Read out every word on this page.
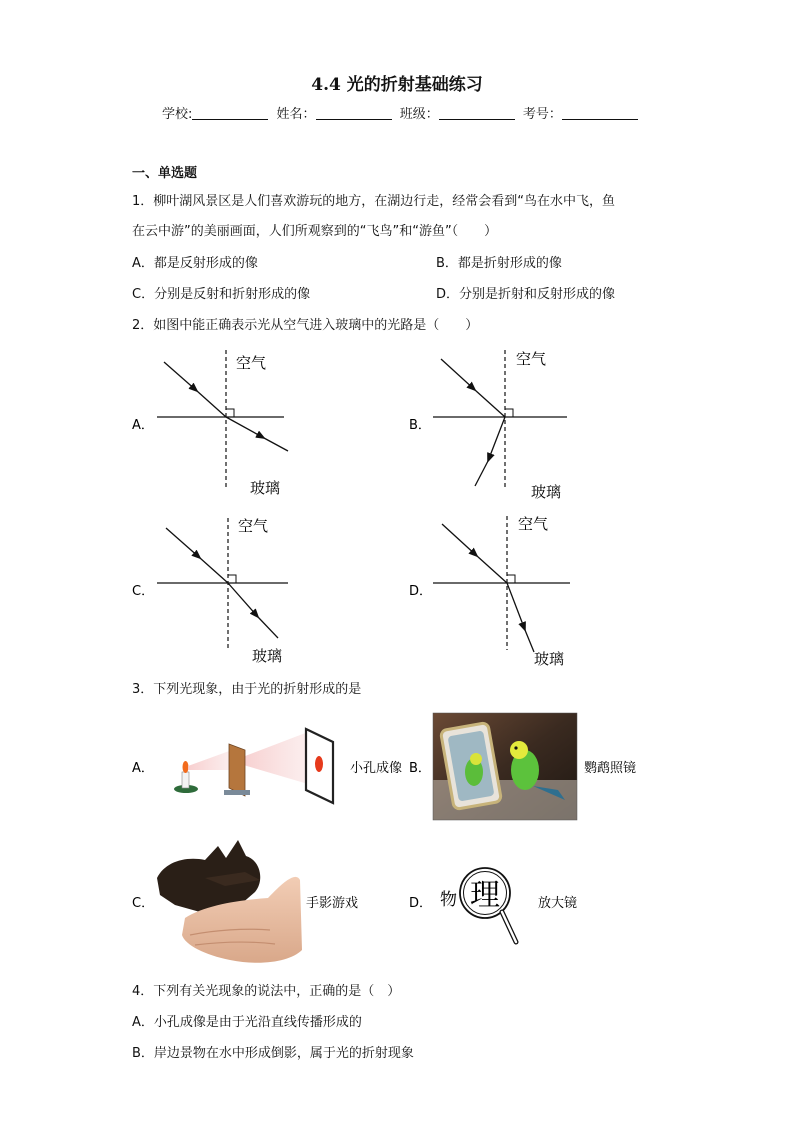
4.4 光的折射基础练习
学校:	姓名：	班级：	考号：
一、单选题
1．柳叶湖风景区是人们喜欢游玩的地方，在湖边行走，经常会看到“鸟在水中飞，鱼
在云中游”的美丽画面，人们所观察到的“飞鸟”和“游鱼”（　　）
A．都是反射形成的像	B．都是折射形成的像
C．分别是反射和折射形成的像	D．分别是折射和反射形成的像
2．如图中能正确表示光从空气进入玻璃中的光路是（　　）
A．
空气
玻璃
B．
空气
玻璃
C．
空气
玻璃
D．
空气
玻璃
3．下列光现象，由于光的折射形成的是
A．	小孔成像 B．	鹦鹉照镜
C．	手影游戏	D． 物 理	放大镜
4．下列有关光现象的说法中，正确的是（　）
A．小孔成像是由于光沿直线传播形成的
B．岸边景物在水中形成倒影，属于光的折射现象
